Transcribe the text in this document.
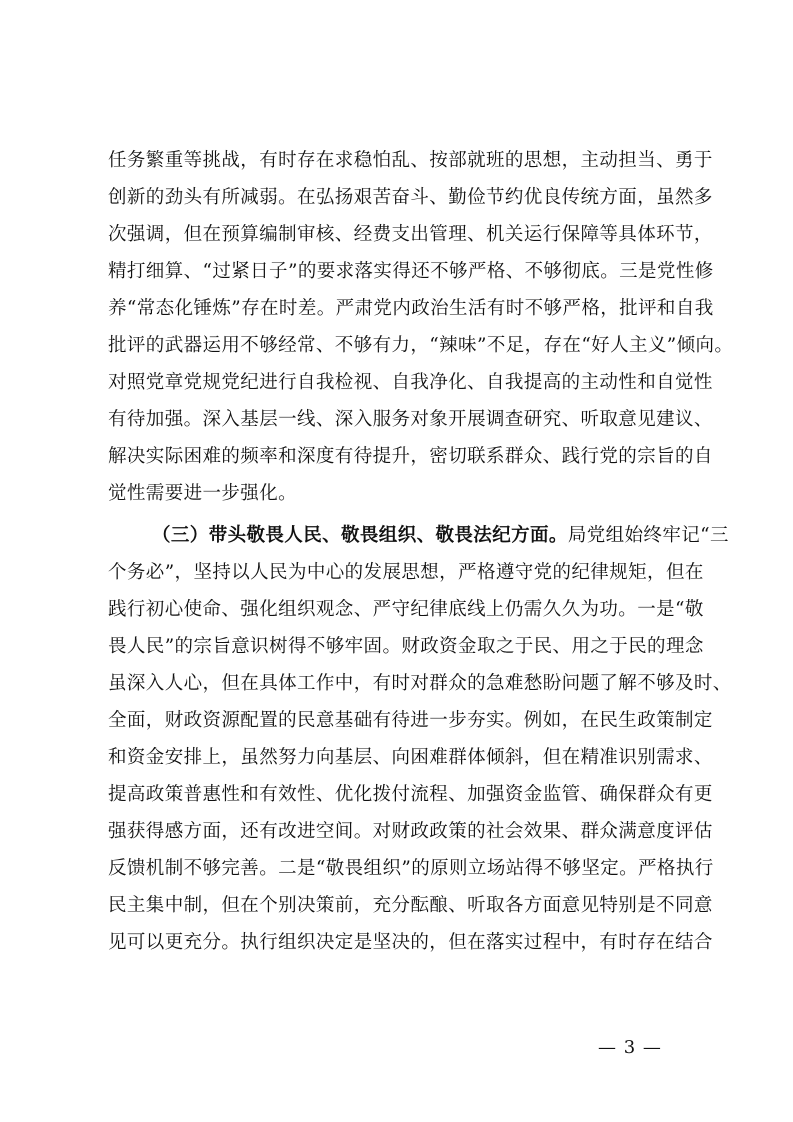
任务繁重等挑战，有时存在求稳怕乱、按部就班的思想，主动担当、勇于
创新的劲头有所减弱。在弘扬艰苦奋斗、勤俭节约优良传统方面，虽然多
次强调，但在预算编制审核、经费支出管理、机关运行保障等具体环节，
精打细算、“过紧日子”的要求落实得还不够严格、不够彻底。三是党性修
养“常态化锤炼”存在时差。严肃党内政治生活有时不够严格，批评和自我
批评的武器运用不够经常、不够有力，“辣味”不足，存在“好人主义”倾向。
对照党章党规党纪进行自我检视、自我净化、自我提高的主动性和自觉性
有待加强。深入基层一线、深入服务对象开展调查研究、听取意见建议、
解决实际困难的频率和深度有待提升，密切联系群众、践行党的宗旨的自
觉性需要进一步强化。
（三）带头敬畏人民、敬畏组织、敬畏法纪方面。局党组始终牢记“三
个务必”，坚持以人民为中心的发展思想，严格遵守党的纪律规矩，但在
践行初心使命、强化组织观念、严守纪律底线上仍需久久为功。一是“敬
畏人民”的宗旨意识树得不够牢固。财政资金取之于民、用之于民的理念
虽深入人心，但在具体工作中，有时对群众的急难愁盼问题了解不够及时、
全面，财政资源配置的民意基础有待进一步夯实。例如，在民生政策制定
和资金安排上，虽然努力向基层、向困难群体倾斜，但在精准识别需求、
提高政策普惠性和有效性、优化拨付流程、加强资金监管、确保群众有更
强获得感方面，还有改进空间。对财政政策的社会效果、群众满意度评估
反馈机制不够完善。二是“敬畏组织”的原则立场站得不够坚定。严格执行
民主集中制，但在个别决策前，充分酝酿、听取各方面意见特别是不同意
见可以更充分。执行组织决定是坚决的，但在落实过程中，有时存在结合
— 3 —
